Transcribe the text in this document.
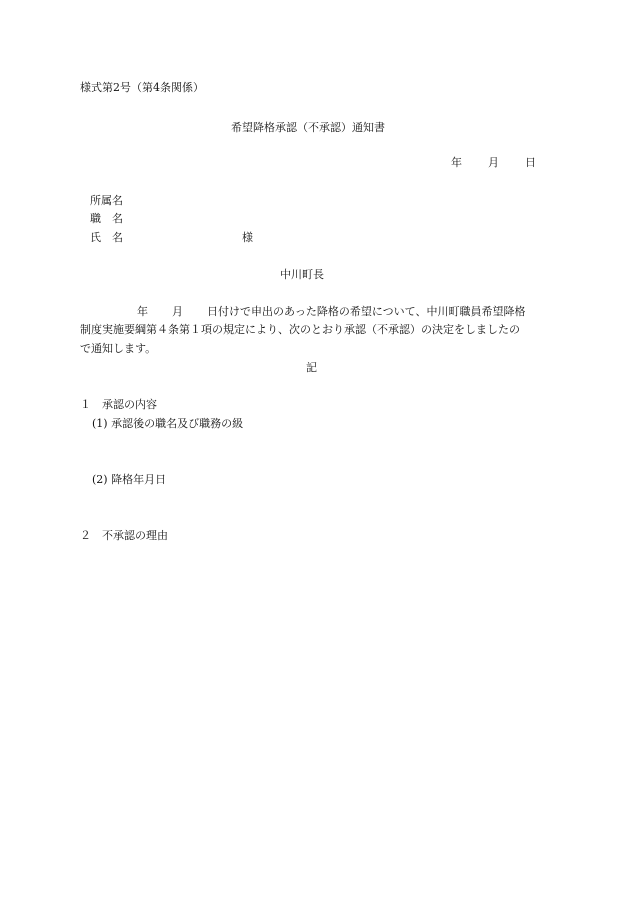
様式第2号（第4条関係）
希望降格承認（不承認）通知書
年 月 日
所属名
職　名
氏　名	様
中川町長
年 月 日付けで申出のあった降格の希望について、中川町職員希望降格
制度実施要綱第４条第１項の規定により、次のとおり承認（不承認）の決定をしましたの
で通知します。
記
１　承認の内容
(1) 承認後の職名及び職務の級
(2) 降格年月日
２　不承認の理由
